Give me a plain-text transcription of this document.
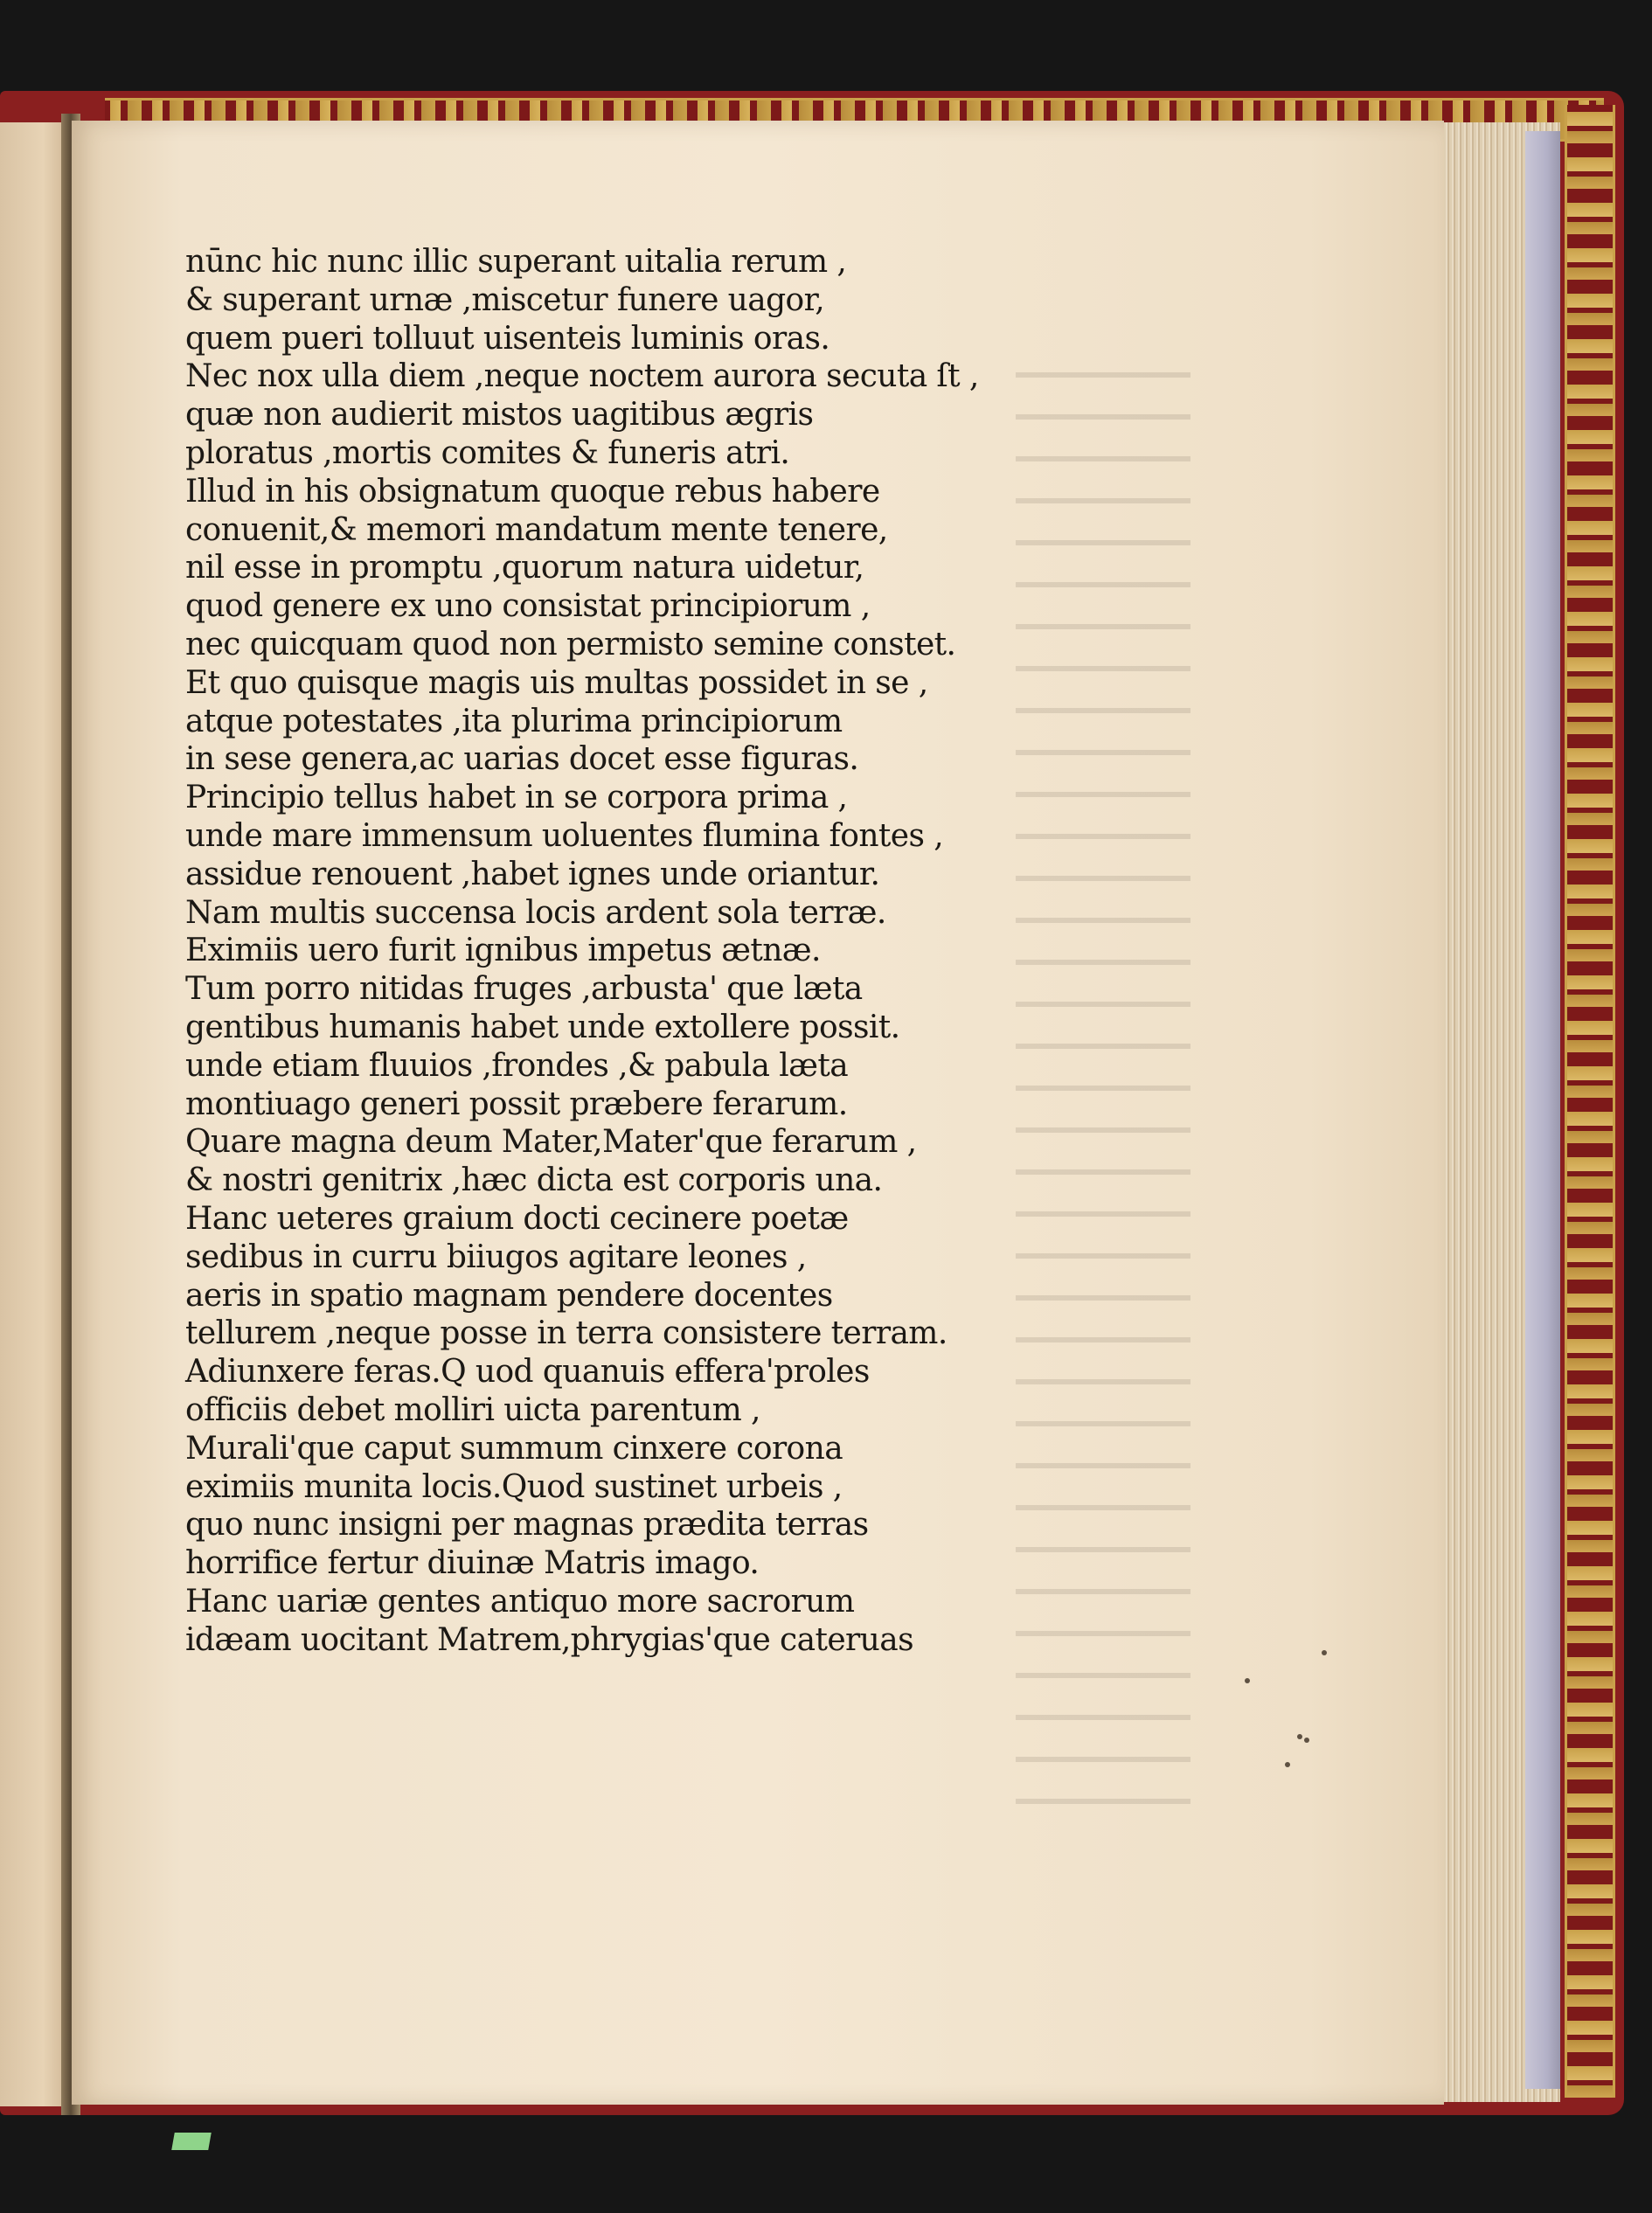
nūnc hic nunc illic superant uitalia rerum ,
& superant urnæ ,miscetur funere uagor,
quem pueri tolluut uisenteis luminis oras.
Nec nox ulla diem ,neque noctem aurora secuta ſt ,
quæ non audierit mistos uagitibus ægris
ploratus ,mortis comites & funeris atri.
Illud in his obsignatum quoque rebus habere
conuenit,& memori mandatum mente tenere,
nil esse in promptu ,quorum natura uidetur,
quod genere ex uno consistat principiorum ,
nec quicquam quod non permisto semine constet.
Et quo quisque magis uis multas possidet in se ,
atque potestates ,ita plurima principiorum
in sese genera,ac uarias docet esse figuras.
Principio tellus habet in se corpora prima ,
unde mare immensum uoluentes flumina fontes ,
assidue renouent ,habet ignes unde oriantur.
Nam multis succensa locis ardent sola terræ.
Eximiis uero furit ignibus impetus ætnæ.
Tum porro nitidas fruges ,arbusta' que læta
gentibus humanis habet unde extollere possit.
unde etiam fluuios ,frondes ,& pabula læta
montiuago generi possit præbere ferarum.
Quare magna deum Mater,Mater'que ferarum ,
& nostri genitrix ,hæc dicta est corporis una.
Hanc ueteres graium docti cecinere poetæ
sedibus in curru biiugos agitare leones ,
aeris in spatio magnam pendere docentes
tellurem ,neque posse in terra consistere terram.
Adiunxere feras.Q uod quanuis effera'proles
officiis debet molliri uicta parentum ,
Murali'que caput summum cinxere corona
eximiis munita locis.Quod sustinet urbeis ,
quo nunc insigni per magnas prædita terras
horrifice fertur diuinæ Matris imago.
Hanc uariæ gentes antiquo more sacrorum
idæam uocitant Matrem,phrygias'que cateruas
